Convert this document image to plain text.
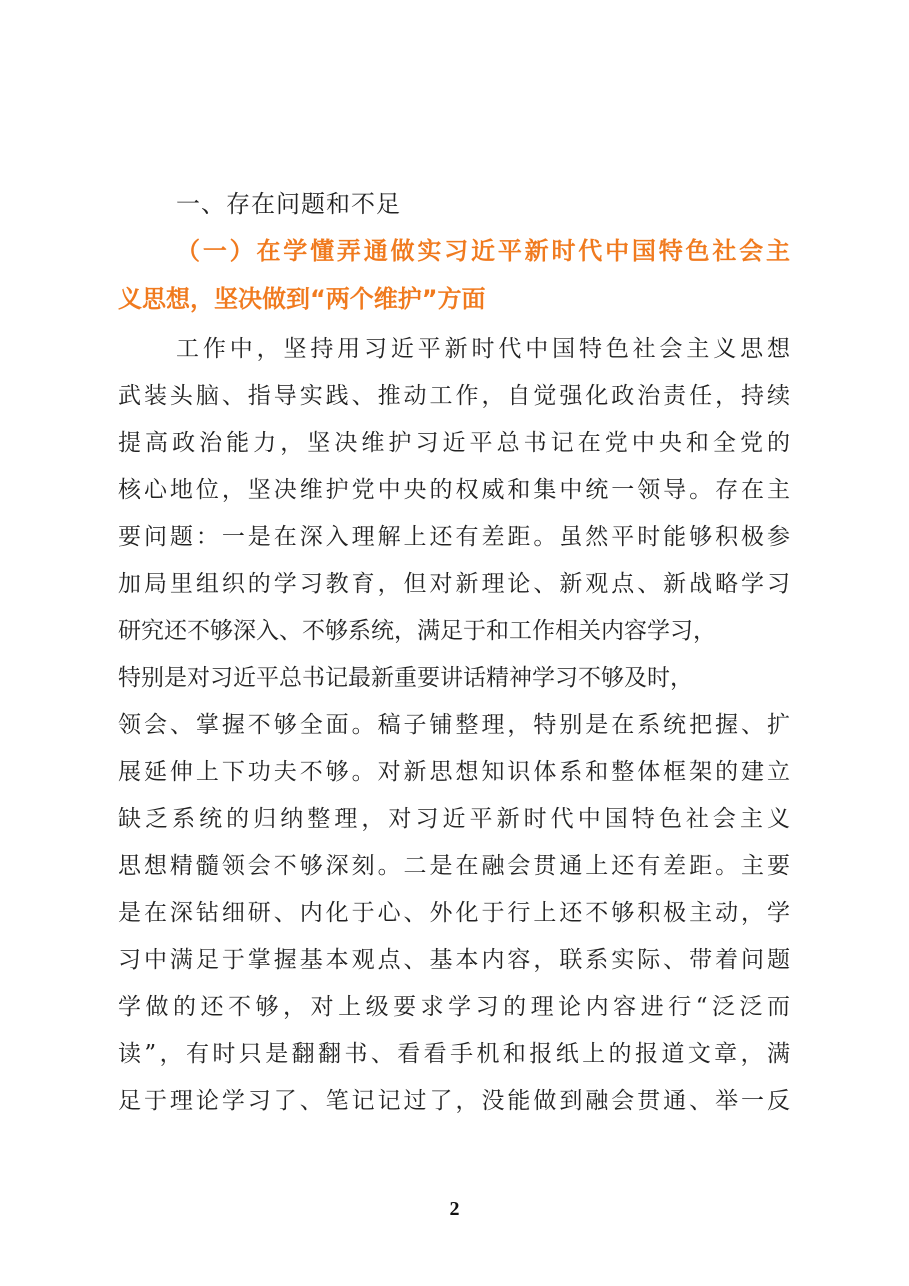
一、存在问题和不足
（一）在学懂弄通做实习近平新时代中国特色社会主
义思想，坚决做到“两个维护”方面
工作中，坚持用习近平新时代中国特色社会主义思想
武装头脑、指导实践、推动工作，自觉强化政治责任，持续
提高政治能力，坚决维护习近平总书记在党中央和全党的
核心地位，坚决维护党中央的权威和集中统一领导。存在主
要问题：一是在深入理解上还有差距。虽然平时能够积极参
加局里组织的学习教育，但对新理论、新观点、新战略学习
研究还不够深入、不够系统，满足于和工作相关内容学习，
特别是对习近平总书记最新重要讲话精神学习不够及时，
领会、掌握不够全面。稿子铺整理，特别是在系统把握、扩
展延伸上下功夫不够。对新思想知识体系和整体框架的建立
缺乏系统的归纳整理，对习近平新时代中国特色社会主义
思想精髓领会不够深刻。二是在融会贯通上还有差距。主要
是在深钻细研、内化于心、外化于行上还不够积极主动，学
习中满足于掌握基本观点、基本内容，联系实际、带着问题
学做的还不够，对上级要求学习的理论内容进行“泛泛而
读”，有时只是翻翻书、看看手机和报纸上的报道文章，满
足于理论学习了、笔记记过了，没能做到融会贯通、举一反
2
